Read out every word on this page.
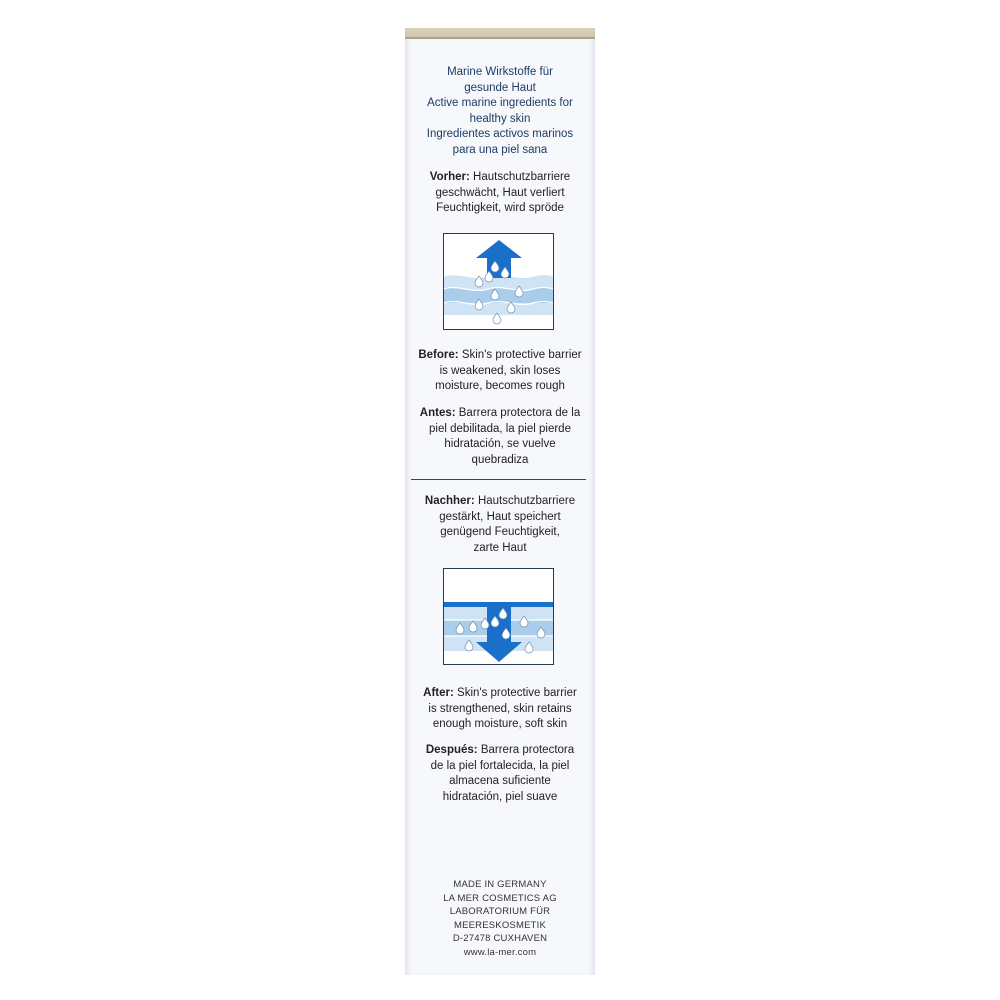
Marine Wirkstoffe für
gesunde Haut
Active marine ingredients for
healthy skin
Ingredientes activos marinos
para una piel sana
Vorher: Hautschutzbarriere
geschwächt, Haut verliert
Feuchtigkeit, wird spröde
Before: Skin's protective barrier
is weakened, skin loses
moisture, becomes rough
Antes: Barrera protectora de la
piel debilitada, la piel pierde
hidratación, se vuelve
quebradiza
Nachher: Hautschutzbarriere
gestärkt, Haut speichert
genügend Feuchtigkeit,
zarte Haut
After: Skin's protective barrier
is strengthened, skin retains
enough moisture, soft skin
Después: Barrera protectora
de la piel fortalecida, la piel
almacena suficiente
hidratación, piel suave
MADE IN GERMANY
LA MER COSMETICS AG
LABORATORIUM FÜR
MEERESKOSMETIK
D-27478 CUXHAVEN
www.la-mer.com
